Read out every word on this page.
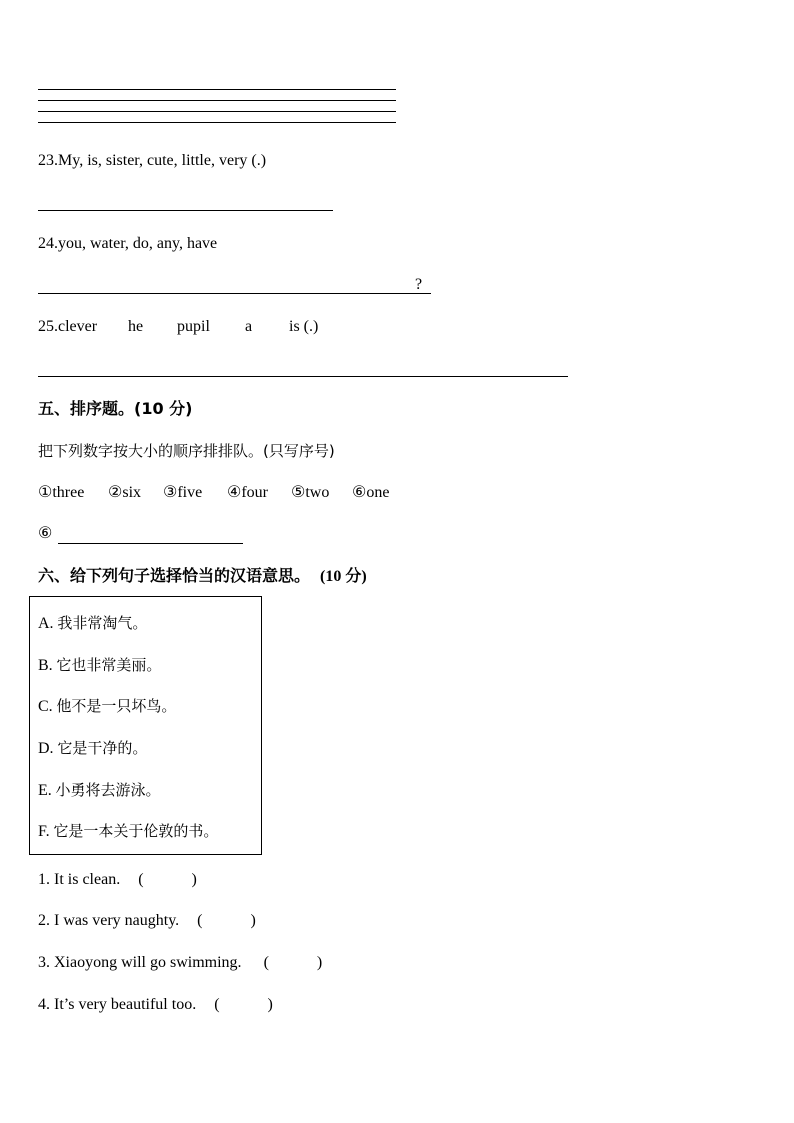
23.My, is, sister, cute, little, very (.)
24.you, water, do, any, have
?
25.clever he pupil a is (.)
五、排序题。(10 分)
把下列数字按大小的顺序排排队。(只写序号)
①three ②six ③five ④four ⑤two ⑥one
⑥
六、给下列句子选择恰当的汉语意思。 (10 分)
A. 我非常淘气。
B. 它也非常美丽。
C. 他不是一只坏鸟。
D. 它是干净的。
E. 小勇将去游泳。
F. 它是一本关于伦敦的书。
1. It is clean. (            )
2. I was very naughty. (            )
3. Xiaoyong will go swimming. (            )
4. It’s very beautiful too. (            )
